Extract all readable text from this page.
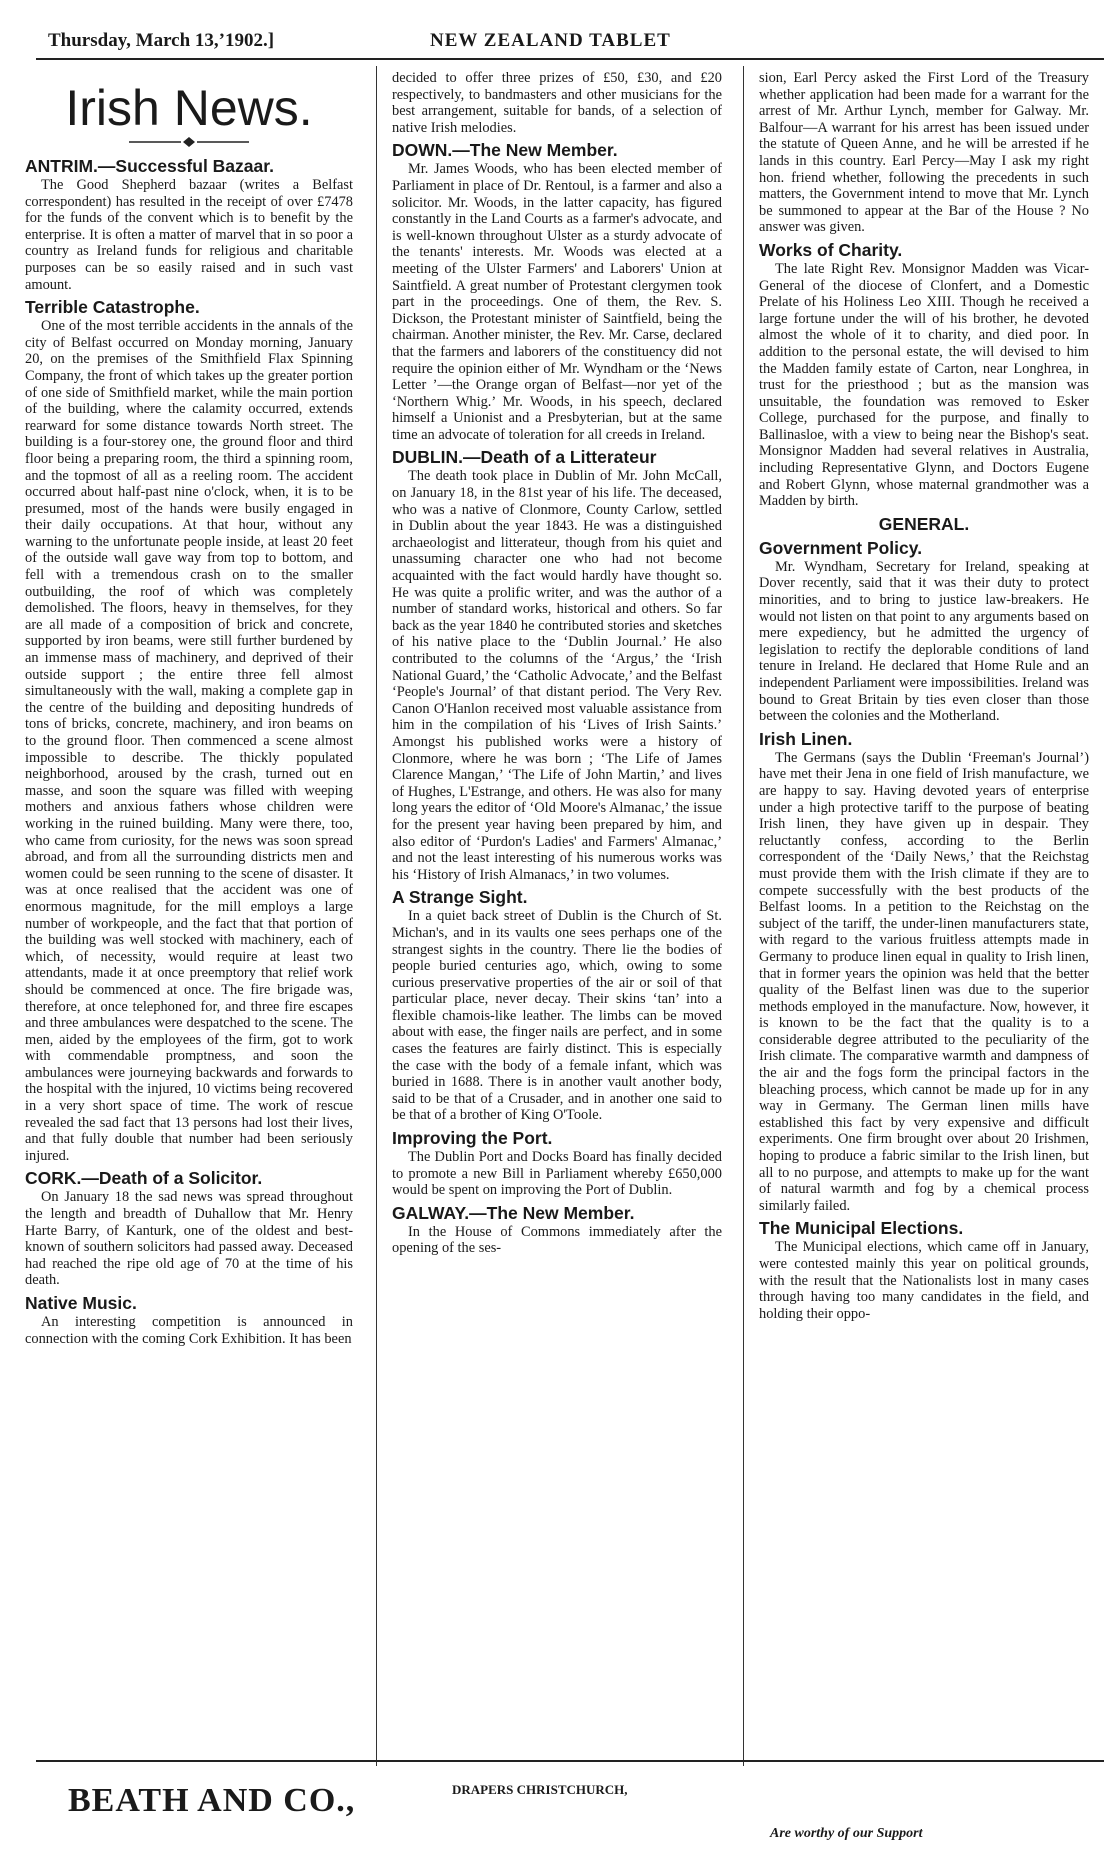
Thursday, March 13,’1902.]	NEW ZEALAND TABLET
Irish News.
ANTRIM.—Successful Bazaar.

The Good Shepherd bazaar (writes a Belfast correspondent) has resulted in the receipt of over £7478 for the funds of the convent which is to benefit by the enterprise. It is often a matter of marvel that in so poor a country as Ireland funds for religious and charitable purposes can be so easily raised and in such vast amount.

Terrible Catastrophe.

One of the most terrible accidents in the annals of the city of Belfast occurred on Monday morning, January 20, on the premises of the Smithfield Flax Spinning Company, the front of which takes up the greater portion of one side of Smithfield market, while the main portion of the building, where the calamity occurred, extends rearward for some distance towards North street. The building is a four-storey one, the ground floor and third floor being a preparing room, the third a spinning room, and the topmost of all as a reeling room. The accident occurred about half-past nine o'clock, when, it is to be presumed, most of the hands were busily engaged in their daily occupations. At that hour, without any warning to the unfortunate people inside, at least 20 feet of the outside wall gave way from top to bottom, and fell with a tremendous crash on to the smaller outbuilding, the roof of which was completely demolished. The floors, heavy in themselves, for they are all made of a composition of brick and concrete, supported by iron beams, were still further burdened by an immense mass of machinery, and deprived of their outside support ; the entire three fell almost simultaneously with the wall, making a complete gap in the centre of the building and depositing hundreds of tons of bricks, concrete, machinery, and iron beams on to the ground floor. Then commenced a scene almost impossible to describe. The thickly populated neighborhood, aroused by the crash, turned out en masse, and soon the square was filled with weeping mothers and anxious fathers whose children were working in the ruined building. Many were there, too, who came from curiosity, for the news was soon spread abroad, and from all the surrounding districts men and women could be seen running to the scene of disaster. It was at once realised that the accident was one of enormous magnitude, for the mill employs a large number of workpeople, and the fact that that portion of the building was well stocked with machinery, each of which, of necessity, would require at least two attendants, made it at once preemptory that relief work should be commenced at once. The fire brigade was, therefore, at once telephoned for, and three fire escapes and three ambulances were despatched to the scene. The men, aided by the employees of the firm, got to work with commendable promptness, and soon the ambulances were journeying backwards and forwards to the hospital with the injured, 10 victims being recovered in a very short space of time. The work of rescue revealed the sad fact that 13 persons had lost their lives, and that fully double that number had been seriously injured.

CORK.—Death of a Solicitor.

On January 18 the sad news was spread throughout the length and breadth of Duhallow that Mr. Henry Harte Barry, of Kanturk, one of the oldest and best-known of southern solicitors had passed away. Deceased had reached the ripe old age of 70 at the time of his death.

Native Music.

An interesting competition is announced in connection with the coming Cork Exhibition. It has been

decided to offer three prizes of £50, £30, and £20 respectively, to bandmasters and other musicians for the best arrangement, suitable for bands, of a selection of native Irish melodies.

DOWN.—The New Member.

Mr. James Woods, who has been elected member of Parliament in place of Dr. Rentoul, is a farmer and also a solicitor. Mr. Woods, in the latter capacity, has figured constantly in the Land Courts as a farmer's advocate, and is well-known throughout Ulster as a sturdy advocate of the tenants' interests. Mr. Woods was elected at a meeting of the Ulster Farmers' and Laborers' Union at Saintfield. A great number of Protestant clergymen took part in the proceedings. One of them, the Rev. S. Dickson, the Protestant minister of Saintfield, being the chairman. Another minister, the Rev. Mr. Carse, declared that the farmers and laborers of the constituency did not require the opinion either of Mr. Wyndham or the ‘News Letter ’—the Orange organ of Belfast—nor yet of the ‘Northern Whig.’ Mr. Woods, in his speech, declared himself a Unionist and a Presbyterian, but at the same time an advocate of toleration for all creeds in Ireland.

DUBLIN.—Death of a Litterateur

The death took place in Dublin of Mr. John McCall, on January 18, in the 81st year of his life. The deceased, who was a native of Clonmore, County Carlow, settled in Dublin about the year 1843. He was a distinguished archaeologist and litterateur, though from his quiet and unassuming character one who had not become acquainted with the fact would hardly have thought so. He was quite a prolific writer, and was the author of a number of standard works, historical and others. So far back as the year 1840 he contributed stories and sketches of his native place to the ‘Dublin Journal.’ He also contributed to the columns of the ‘Argus,’ the ‘Irish National Guard,’ the ‘Catholic Advocate,’ and the Belfast ‘People's Journal’ of that distant period. The Very Rev. Canon O'Hanlon received most valuable assistance from him in the compilation of his ‘Lives of Irish Saints.’ Amongst his published works were a history of Clonmore, where he was born ; ‘The Life of James Clarence Mangan,’ ‘The Life of John Martin,’ and lives of Hughes, L'Estrange, and others. He was also for many long years the editor of ‘Old Moore's Almanac,’ the issue for the present year having been prepared by him, and also editor of ‘Purdon's Ladies' and Farmers' Almanac,’ and not the least interesting of his numerous works was his ‘History of Irish Almanacs,’ in two volumes.

A Strange Sight.

In a quiet back street of Dublin is the Church of St. Michan's, and in its vaults one sees perhaps one of the strangest sights in the country. There lie the bodies of people buried centuries ago, which, owing to some curious preservative properties of the air or soil of that particular place, never decay. Their skins ‘tan’ into a flexible chamois-like leather. The limbs can be moved about with ease, the finger nails are perfect, and in some cases the features are fairly distinct. This is especially the case with the body of a female infant, which was buried in 1688. There is in another vault another body, said to be that of a Crusader, and in another one said to be that of a brother of King O'Toole.

Improving the Port.

The Dublin Port and Docks Board has finally decided to promote a new Bill in Parliament whereby £650,000 would be spent on improving the Port of Dublin.

GALWAY.—The New Member.

In the House of Commons immediately after the opening of the ses-

sion, Earl Percy asked the First Lord of the Treasury whether application had been made for a warrant for the arrest of Mr. Arthur Lynch, member for Galway. Mr. Balfour—A warrant for his arrest has been issued under the statute of Queen Anne, and he will be arrested if he lands in this country. Earl Percy—May I ask my right hon. friend whether, following the precedents in such matters, the Government intend to move that Mr. Lynch be summoned to appear at the Bar of the House ? No answer was given.

Works of Charity.

The late Right Rev. Monsignor Madden was Vicar-General of the diocese of Clonfert, and a Domestic Prelate of his Holiness Leo XIII. Though he received a large fortune under the will of his brother, he devoted almost the whole of it to charity, and died poor. In addition to the personal estate, the will devised to him the Madden family estate of Carton, near Longhrea, in trust for the priesthood ; but as the mansion was unsuitable, the foundation was removed to Esker College, purchased for the purpose, and finally to Ballinasloe, with a view to being near the Bishop's seat. Monsignor Madden had several relatives in Australia, including Representative Glynn, and Doctors Eugene and Robert Glynn, whose maternal grandmother was a Madden by birth.

GENERAL.
Government Policy.

Mr. Wyndham, Secretary for Ireland, speaking at Dover recently, said that it was their duty to protect minorities, and to bring to justice law-breakers. He would not listen on that point to any arguments based on mere expediency, but he admitted the urgency of legislation to rectify the deplorable conditions of land tenure in Ireland. He declared that Home Rule and an independent Parliament were impossibilities. Ireland was bound to Great Britain by ties even closer than those between the colonies and the Motherland.

Irish Linen.

The Germans (says the Dublin ‘Freeman's Journal’) have met their Jena in one field of Irish manufacture, we are happy to say. Having devoted years of enterprise under a high protective tariff to the purpose of beating Irish linen, they have given up in despair. They reluctantly confess, according to the Berlin correspondent of the ‘Daily News,’ that the Reichstag must provide them with the Irish climate if they are to compete successfully with the best products of the Belfast looms. In a petition to the Reichstag on the subject of the tariff, the under-linen manufacturers state, with regard to the various fruitless attempts made in Germany to produce linen equal in quality to Irish linen, that in former years the opinion was held that the better quality of the Belfast linen was due to the superior methods employed in the manufacture. Now, however, it is known to be the fact that the quality is to a considerable degree attributed to the peculiarity of the Irish climate. The comparative warmth and dampness of the air and the fogs form the principal factors in the bleaching process, which cannot be made up for in any way in Germany. The German linen mills have established this fact by very expensive and difficult experiments. One firm brought over about 20 Irishmen, hoping to produce a fabric similar to the Irish linen, but all to no purpose, and attempts to make up for the want of natural warmth and fog by a chemical process similarly failed.

The Municipal Elections.

The Municipal elections, which came off in January, were contested mainly this year on political grounds, with the result that the Nationalists lost in many cases through having too many candidates in the field, and holding their oppo-

BEATH AND CO.,	DRAPERS CHRISTCHURCH,
Are worthy of our Support
